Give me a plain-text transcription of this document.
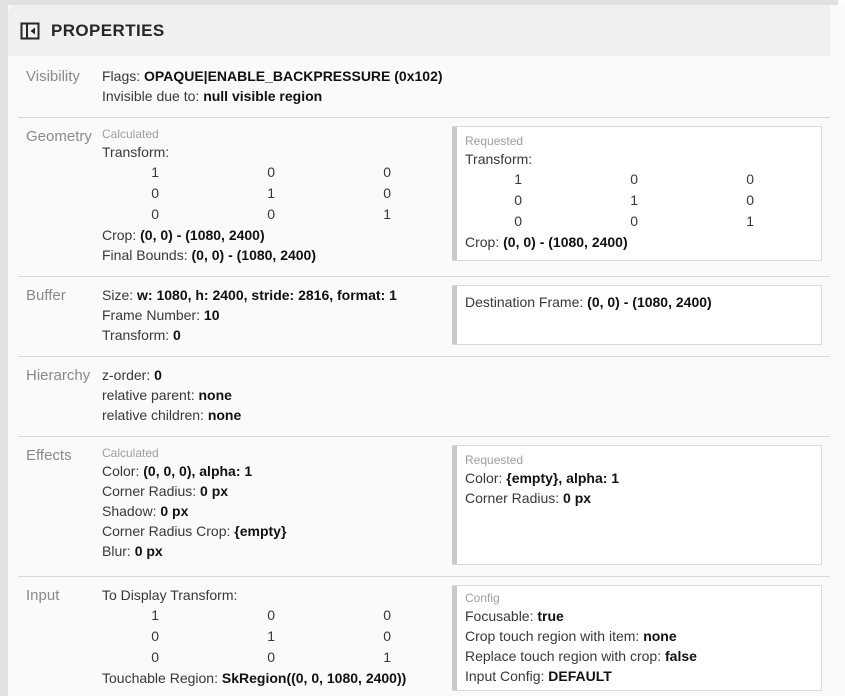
PROPERTIES
Visibility	Flags: OPAQUE|ENABLE_BACKPRESSURE (0x102)
Invisible due to: null visible region
Geometry Calculated
Transform:
1	0	0
0	1	0
0	0	1
Crop: (0, 0) - (1080, 2400)
Final Bounds: (0, 0) - (1080, 2400)
Requested
Transform:
1	0	0
0	1	0
0	0	1
Crop: (0, 0) - (1080, 2400)
Buffer	Size: w: 1080, h: 2400, stride: 2816, format: 1
Frame Number: 10
Transform: 0
Destination Frame: (0, 0) - (1080, 2400)
Hierarchy z-order: 0
relative parent: none
relative children: none
Effects	Calculated
Color: (0, 0, 0), alpha: 1
Corner Radius: 0 px
Shadow: 0 px
Corner Radius Crop: {empty}
Blur: 0 px
Requested
Color: {empty}, alpha: 1
Corner Radius: 0 px
Input	To Display Transform:
1	0	0
0	1	0
0	0	1
Touchable Region: SkRegion((0, 0, 1080, 2400))
Config
Focusable: true
Crop touch region with item: none
Replace touch region with crop: false
Input Config: DEFAULT
